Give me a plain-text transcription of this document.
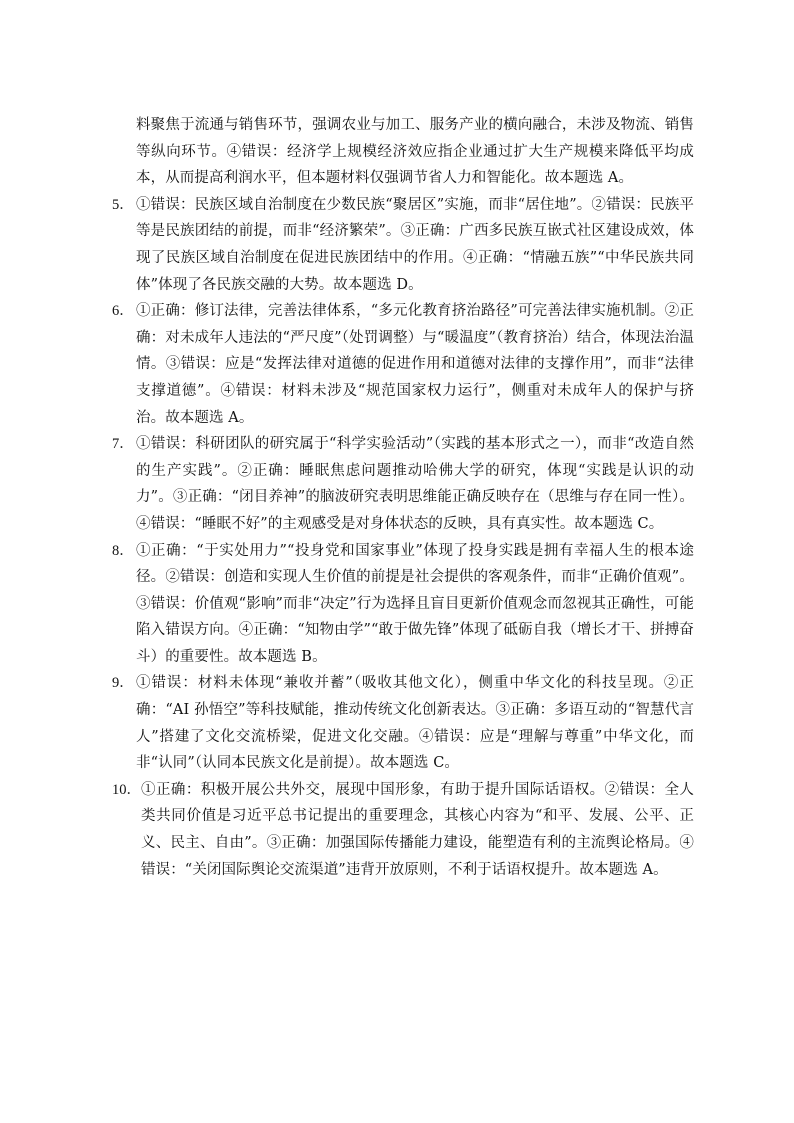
料聚焦于流通与销售环节，强调农业与加工、服务产业的横向融合，未涉及物流、销售等纵向环节。④错误：经济学上规模经济效应指企业通过扩大生产规模来降低平均成本，从而提高利润水平，但本题材料仅强调节省人力和智能化。故本题选 A。

5． ①错误：民族区域自治制度在少数民族“聚居区”实施，而非“居住地”。②错误：民族平等是民族团结的前提，而非“经济繁荣”。③正确：广西多民族互嵌式社区建设成效，体现了民族区域自治制度在促进民族团结中的作用。④正确：“情融五族”“中华民族共同体”体现了各民族交融的大势。故本题选 D。

6． ①正确：修订法律，完善法律体系，“多元化教育挤治路径”可完善法律实施机制。②正确：对未成年人违法的“严尺度”（处罚调整）与“暖温度”（教育挤治）结合，体现法治温情。③错误：应是“发挥法律对道德的促进作用和道德对法律的支撑作用”，而非“法律支撑道德”。④错误：材料未涉及“规范国家权力运行”，侧重对未成年人的保护与挤治。故本题选 A。

7． ①错误：科研团队的研究属于“科学实验活动”（实践的基本形式之一），而非“改造自然的生产实践”。②正确：睡眠焦虑问题推动哈佛大学的研究，体现“实践是认识的动力”。③正确：“闭目养神”的脑波研究表明思维能正确反映存在（思维与存在同一性）。④错误：“睡眠不好”的主观感受是对身体状态的反映，具有真实性。故本题选 C。

8． ①正确：“于实处用力”“投身党和国家事业”体现了投身实践是拥有幸福人生的根本途径。②错误：创造和实现人生价值的前提是社会提供的客观条件，而非“正确价值观”。③错误：价值观“影响”而非“决定”行为选择且盲目更新价值观念而忽视其正确性，可能陷入错误方向。④正确：“知物由学”“敢于做先锋”体现了砥砺自我（增长才干、拼搏奋斗）的重要性。故本题选 B。

9． ①错误：材料未体现“兼收并蓄”（吸收其他文化），侧重中华文化的科技呈现。②正确：“AI 孙悟空”等科技赋能，推动传统文化创新表达。③正确：多语互动的“智慧代言人”搭建了文化交流桥梁，促进文化交融。④错误：应是“理解与尊重”中华文化，而非“认同”（认同本民族文化是前提）。故本题选 C。

10． ①正确：积极开展公共外交，展现中国形象，有助于提升国际话语权。②错误：全人类共同价值是习近平总书记提出的重要理念，其核心内容为“和平、发展、公平、正义、民主、自由”。③正确：加强国际传播能力建设，能塑造有利的主流舆论格局。④错误：“关闭国际舆论交流渠道”违背开放原则，不利于话语权提升。故本题选 A。
